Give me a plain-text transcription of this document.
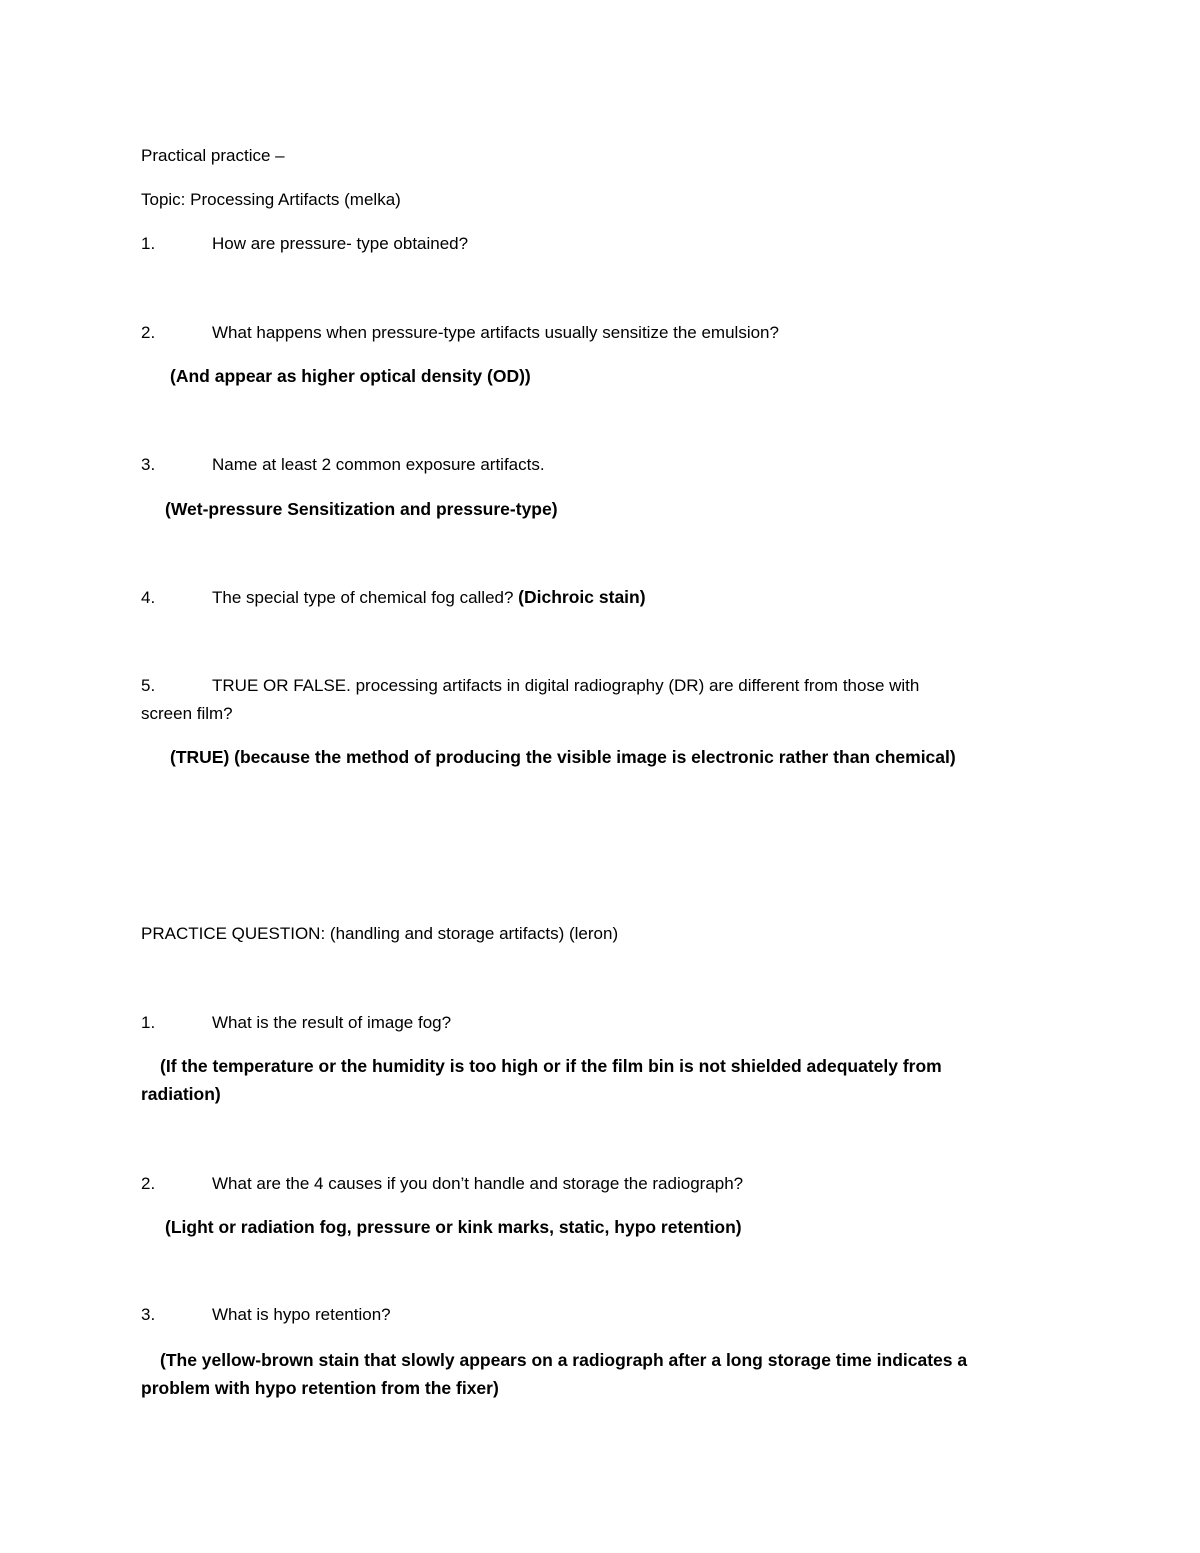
Practical practice –
Topic: Processing Artifacts (melka)
1.	How are pressure- type obtained?
2.	What happens when pressure-type artifacts usually sensitize the emulsion?
(And appear as higher optical density (OD))
3.	Name at least 2 common exposure artifacts.
(Wet-pressure Sensitization and pressure-type)
4.	The special type of chemical fog called? (Dichroic stain)
5.	TRUE OR FALSE. processing artifacts in digital radiography (DR) are different from those with
screen film?
(TRUE) (because the method of producing the visible image is electronic rather than chemical)
PRACTICE QUESTION: (handling and storage artifacts) (leron)
1.	What is the result of image fog?
(If the temperature or the humidity is too high or if the film bin is not shielded adequately from
radiation)
2.	What are the 4 causes if you don’t handle and storage the radiograph?
(Light or radiation fog, pressure or kink marks, static, hypo retention)
3.	What is hypo retention?
(The yellow-brown stain that slowly appears on a radiograph after a long storage time indicates a
problem with hypo retention from the fixer)
